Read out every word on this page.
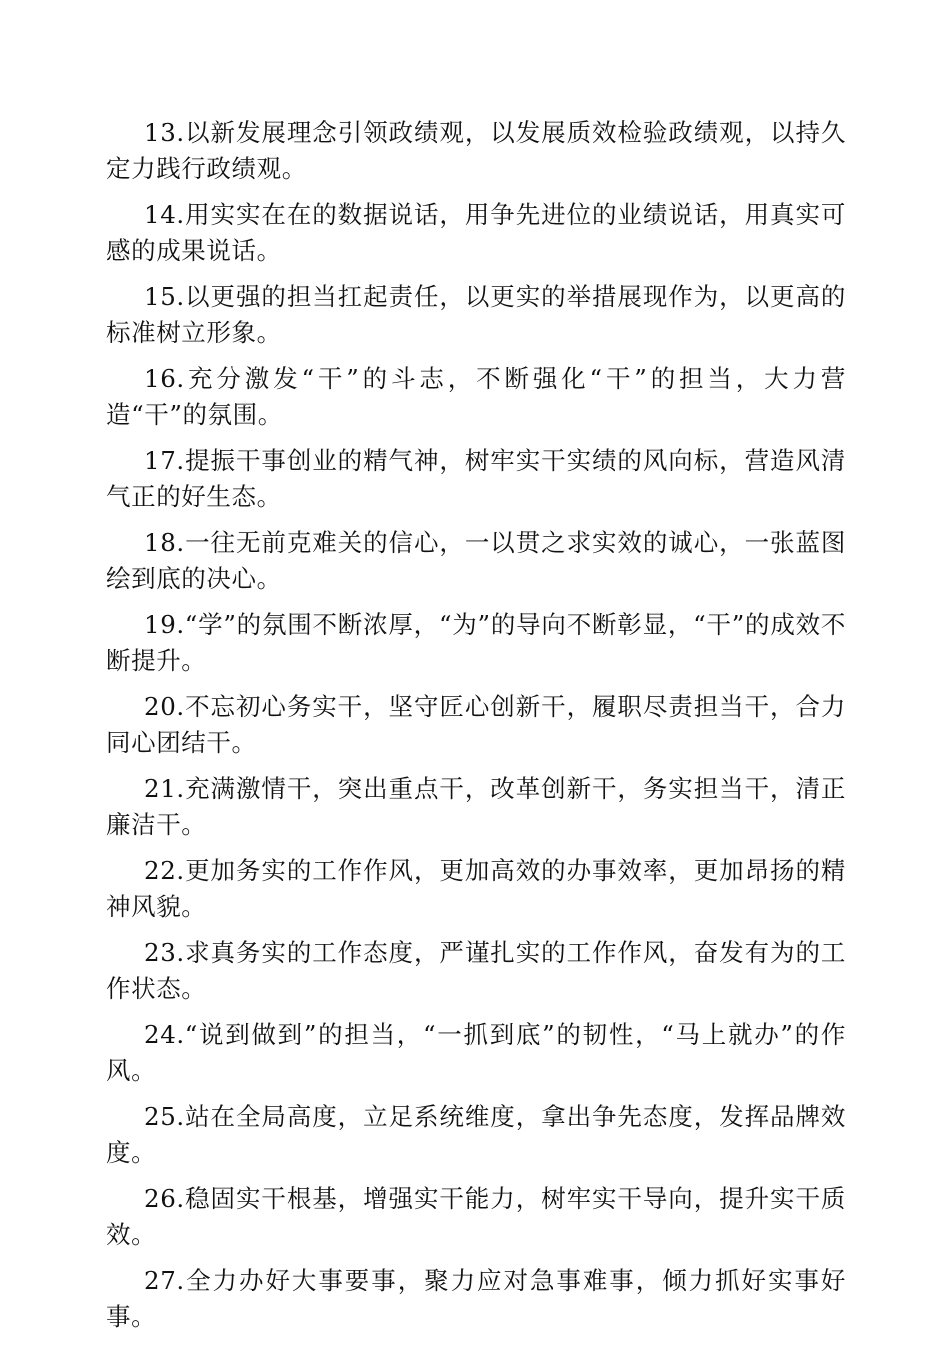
13.以新发展理念引领政绩观，以发展质效检验政绩观，以持久定力践行政绩观。

14.用实实在在的数据说话，用争先进位的业绩说话，用真实可感的成果说话。

15.以更强的担当扛起责任，以更实的举措展现作为，以更高的标准树立形象。

16.充分激发“干”的斗志，不断强化“干”的担当，大力营造“干”的氛围。

17.提振干事创业的精气神，树牢实干实绩的风向标，营造风清气正的好生态。

18.一往无前克难关的信心，一以贯之求实效的诚心，一张蓝图绘到底的决心。

19.“学”的氛围不断浓厚，“为”的导向不断彰显，“干”的成效不断提升。

20.不忘初心务实干，坚守匠心创新干，履职尽责担当干，合力同心团结干。

21.充满激情干，突出重点干，改革创新干，务实担当干，清正廉洁干。

22.更加务实的工作作风，更加高效的办事效率，更加昂扬的精神风貌。

23.求真务实的工作态度，严谨扎实的工作作风，奋发有为的工作状态。

24.“说到做到”的担当，“一抓到底”的韧性，“马上就办”的作风。

25.站在全局高度，立足系统维度，拿出争先态度，发挥品牌效度。

26.稳固实干根基，增强实干能力，树牢实干导向，提升实干质效。

27.全力办好大事要事，聚力应对急事难事，倾力抓好实事好事。
